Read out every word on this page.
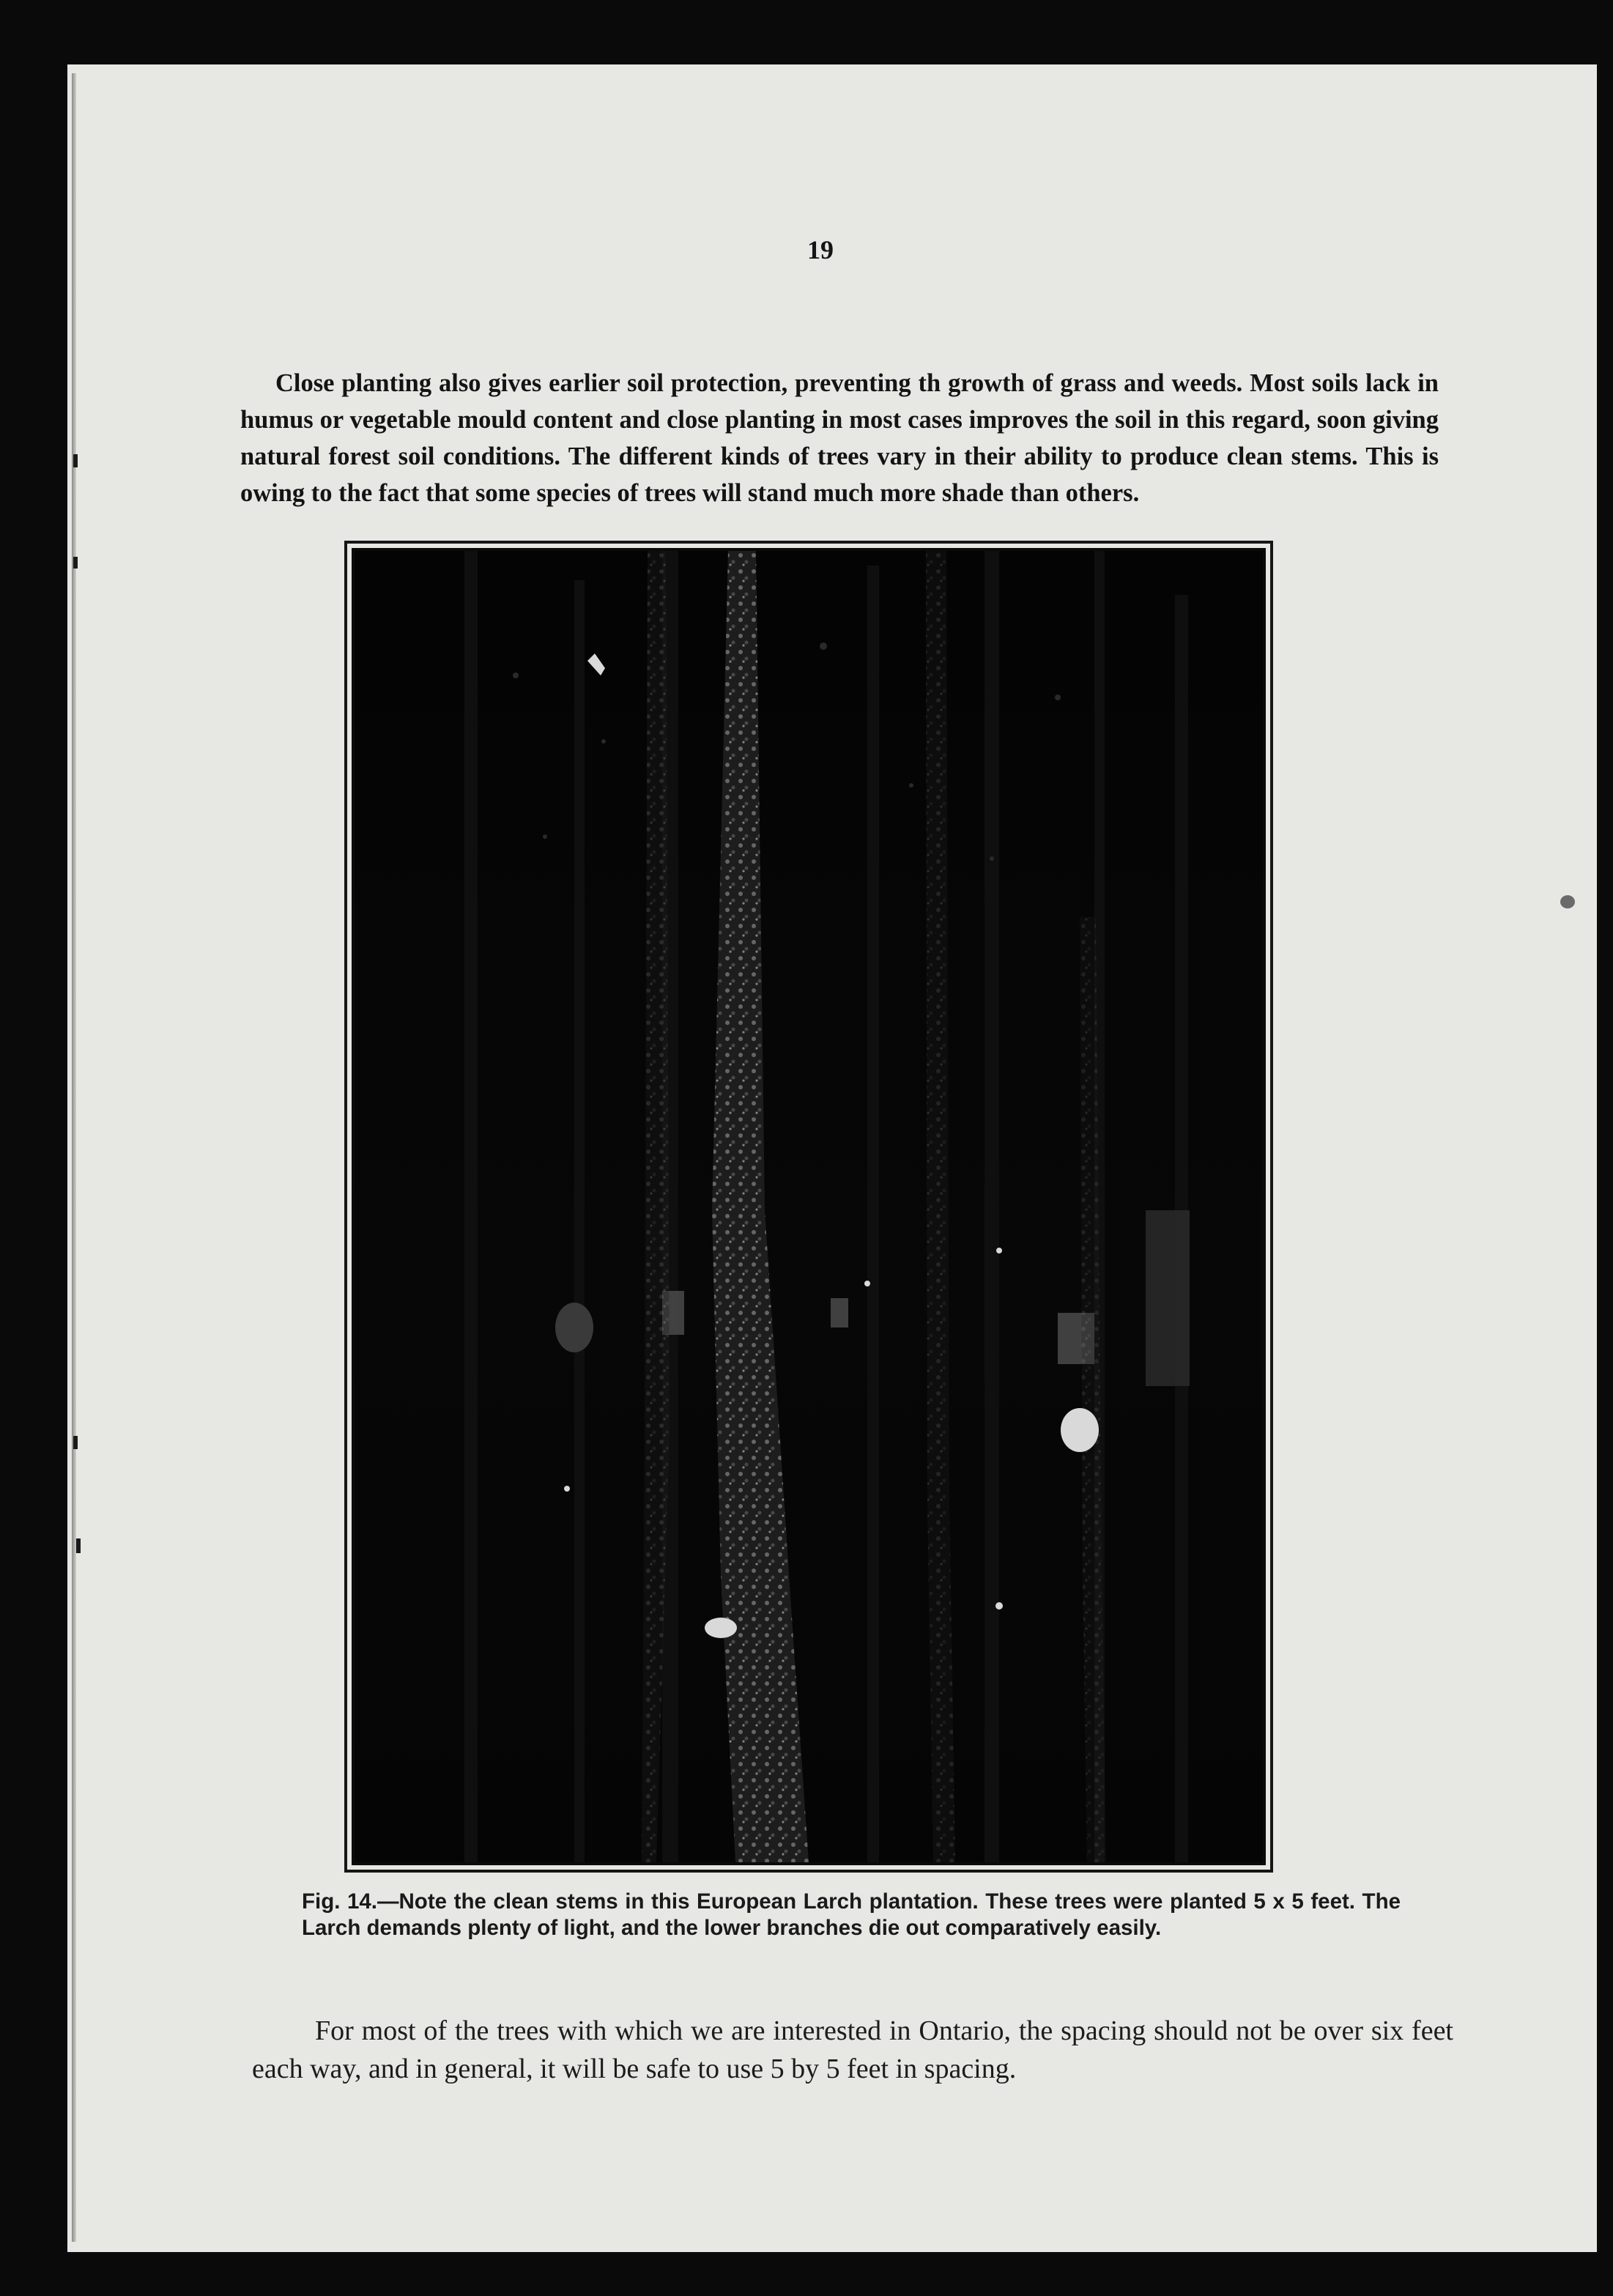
19

Close planting also gives earlier soil protection, preventing th growth of grass and weeds. Most soils lack in humus or vegetable mould content and close planting in most cases improves the soil in this regard, soon giving natural forest soil conditions. The different kinds of trees vary in their ability to produce clean stems. This is owing to the fact that some species of trees will stand much more shade than others.

Fig. 14.—Note the clean stems in this European Larch plantation. These trees were planted 5 x 5 feet. The Larch demands plenty of light, and the lower branches die out comparatively easily.

For most of the trees with which we are interested in Ontario, the spacing should not be over six feet each way, and in general, it will be safe to use 5 by 5 feet in spacing.
